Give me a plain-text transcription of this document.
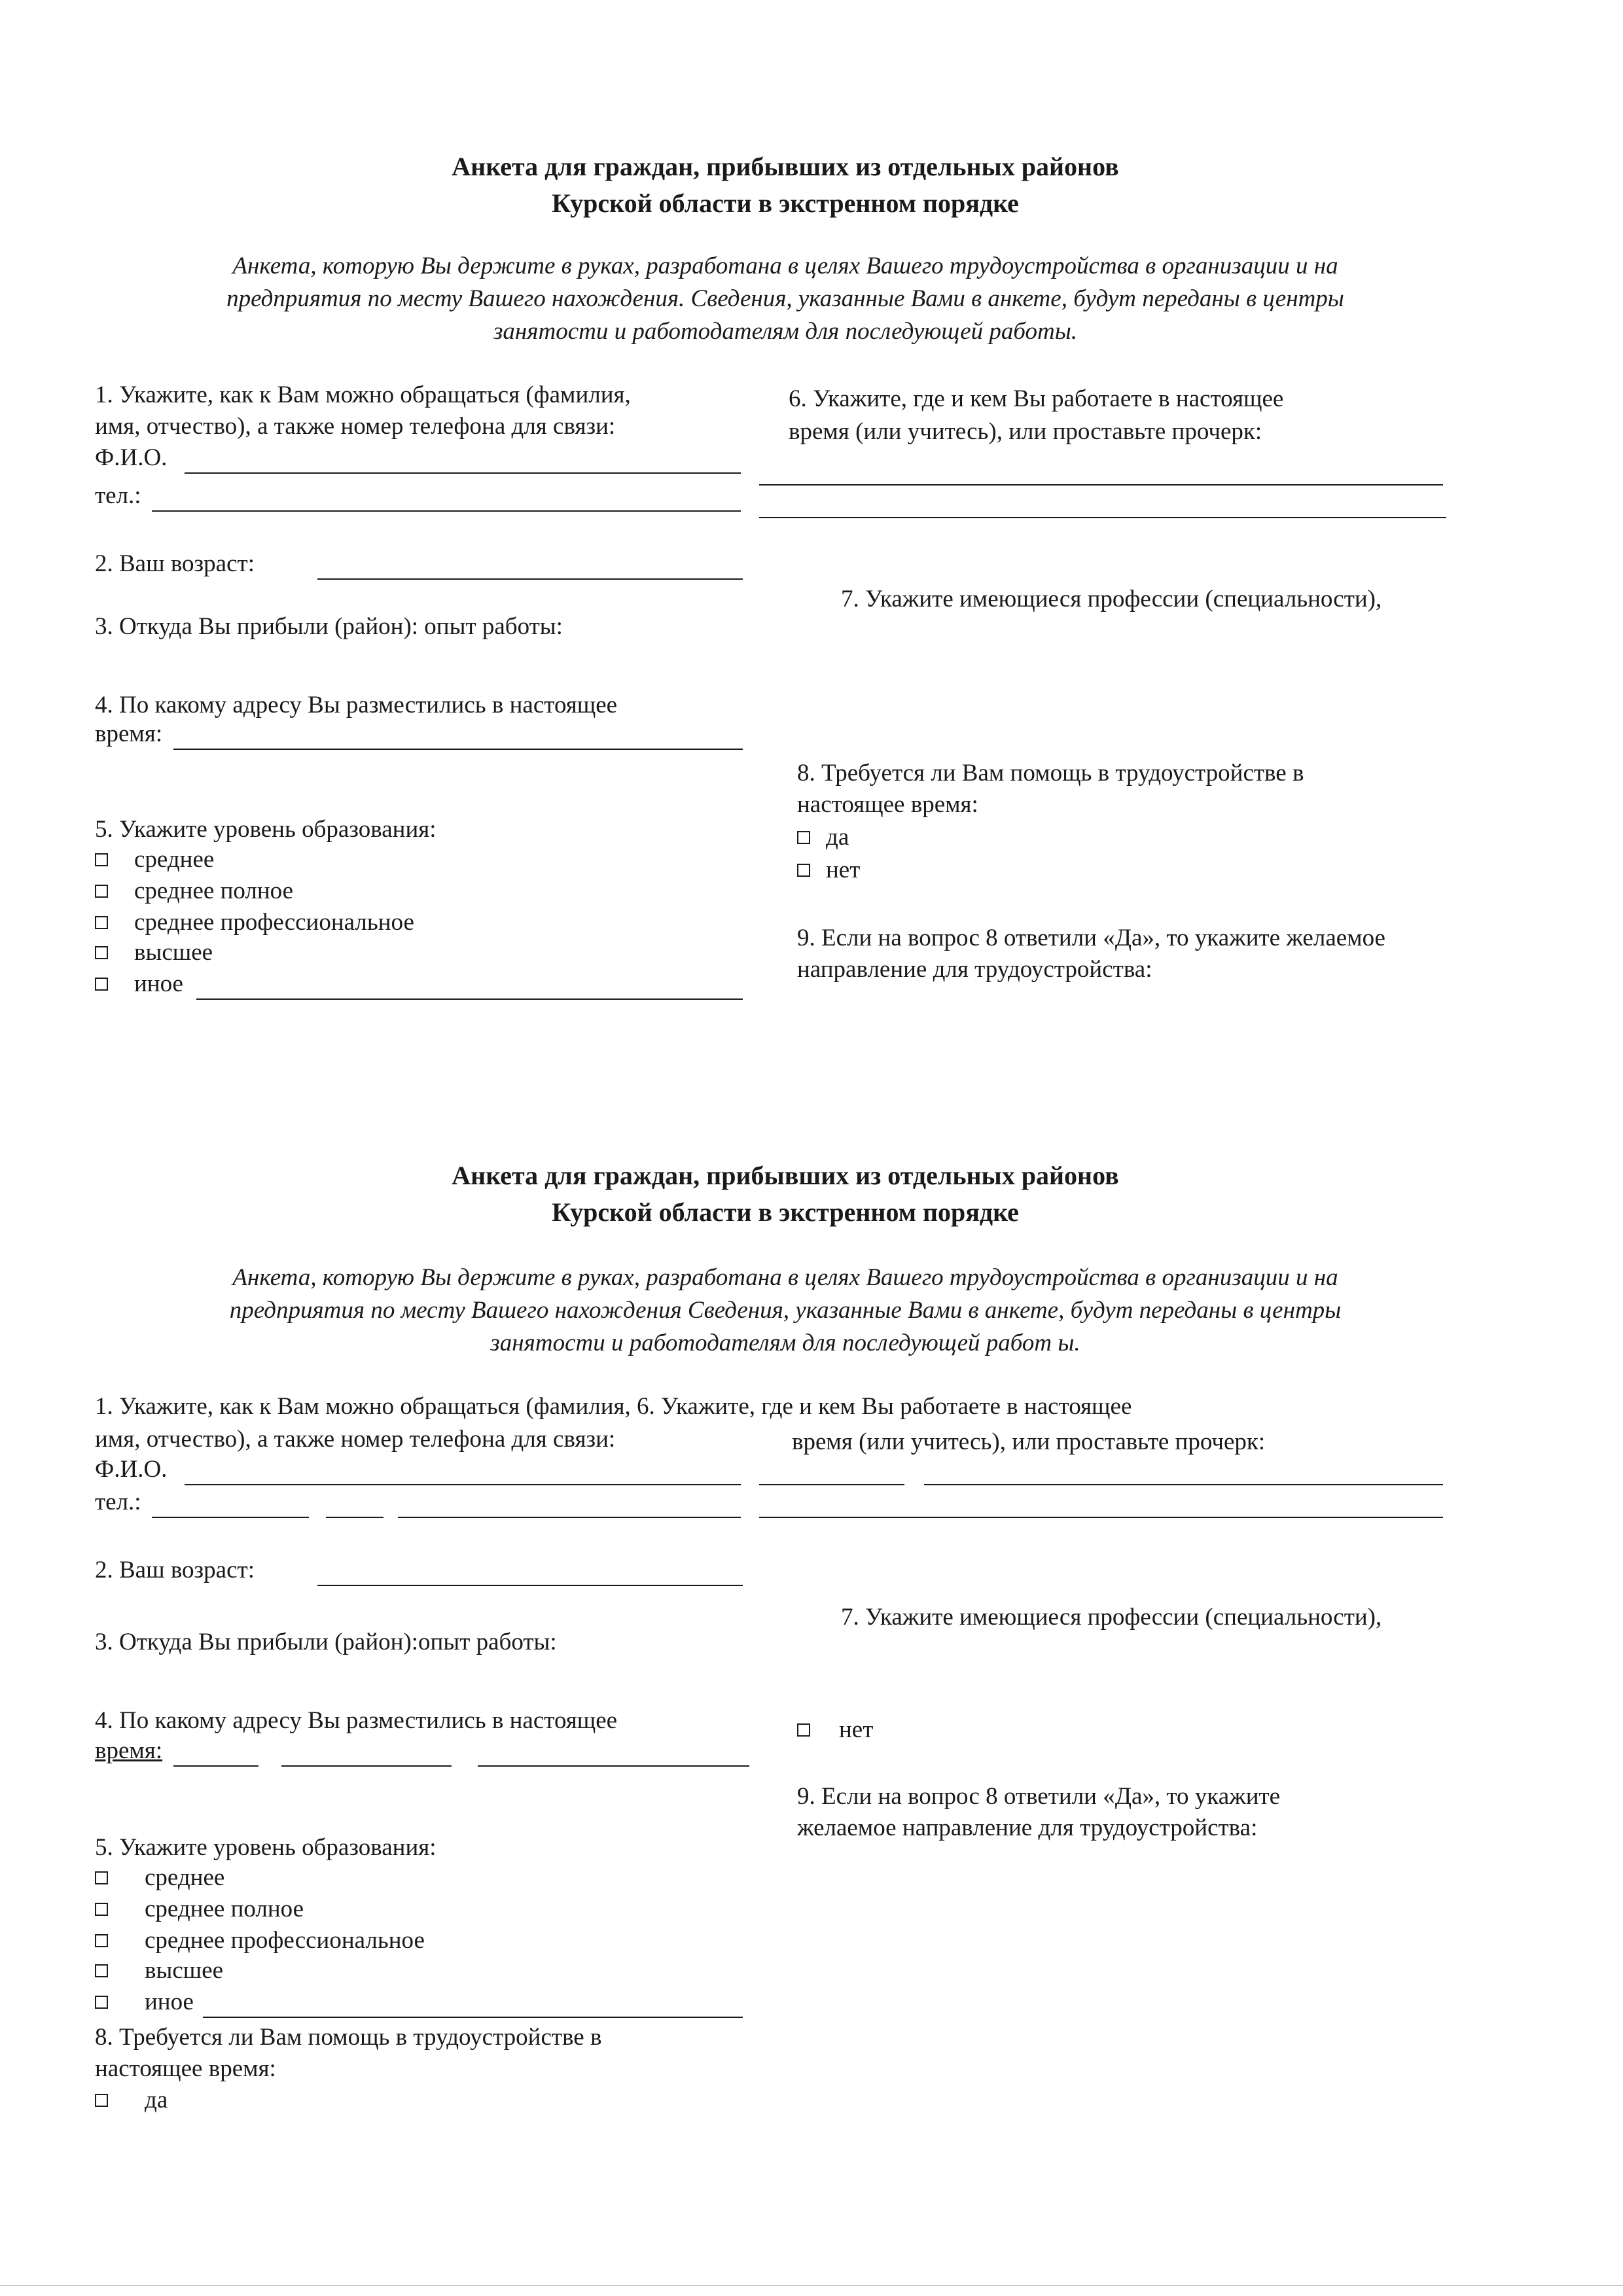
Анкета для граждан, прибывших из отдельных районов
Курской области в экстренном порядке
Анкета, которую Вы держите в руках, разработана в целях Вашего трудоустройства в организации и на
предприятия по месту Вашего нахождения. Сведения, указанные Вами в анкете, будут переданы в центры
занятости и работодателям для последующей работы.
1. Укажите, как к Вам можно обращаться (фамилия,
имя, отчество), а также номер телефона для связи:
Ф.И.О.
тел.:
2. Ваш возраст:
3. Откуда Вы прибыли (район): опыт работы:
4. По какому адресу Вы разместились в настоящее
время:
5. Укажите уровень образования:
среднее
среднее полное
среднее профессиональное
высшее
иное
6. Укажите, где и кем Вы работаете в настоящее
время (или учитесь), или проставьте прочерк:
7. Укажите имеющиеся профессии (специальности),
8. Требуется ли Вам помощь в трудоустройстве в
настоящее время:
да
нет
9. Если на вопрос 8 ответили «Да», то укажите желаемое
направление для трудоустройства:
Анкета для граждан, прибывших из отдельных районов
Курской области в экстренном порядке
Анкета, которую Вы держите в руках, разработана в целях Вашего трудоустройства в организации и на
предприятия по месту Вашего нахождения Сведения, указанные Вами в анкете, будут переданы в центры
занятости и работодателям для последующей работ ы.
1. Укажите, как к Вам можно обращаться (фамилия, 6. Укажите, где и кем Вы работаете в настоящее
имя, отчество), а также номер телефона для связи:	время (или учитесь), или проставьте прочерк:
Ф.И.О.
тел.:
2. Ваш возраст:
3. Откуда Вы прибыли (район):опыт работы:
4. По какому адресу Вы разместились в настоящее
время:
5. Укажите уровень образования:
среднее
среднее полное
среднее профессиональное
высшее
иное
8. Требуется ли Вам помощь в трудоустройстве в
настоящее время:
да
7. Укажите имеющиеся профессии (специальности),
нет
9. Если на вопрос 8 ответили «Да», то укажите
желаемое направление для трудоустройства:
